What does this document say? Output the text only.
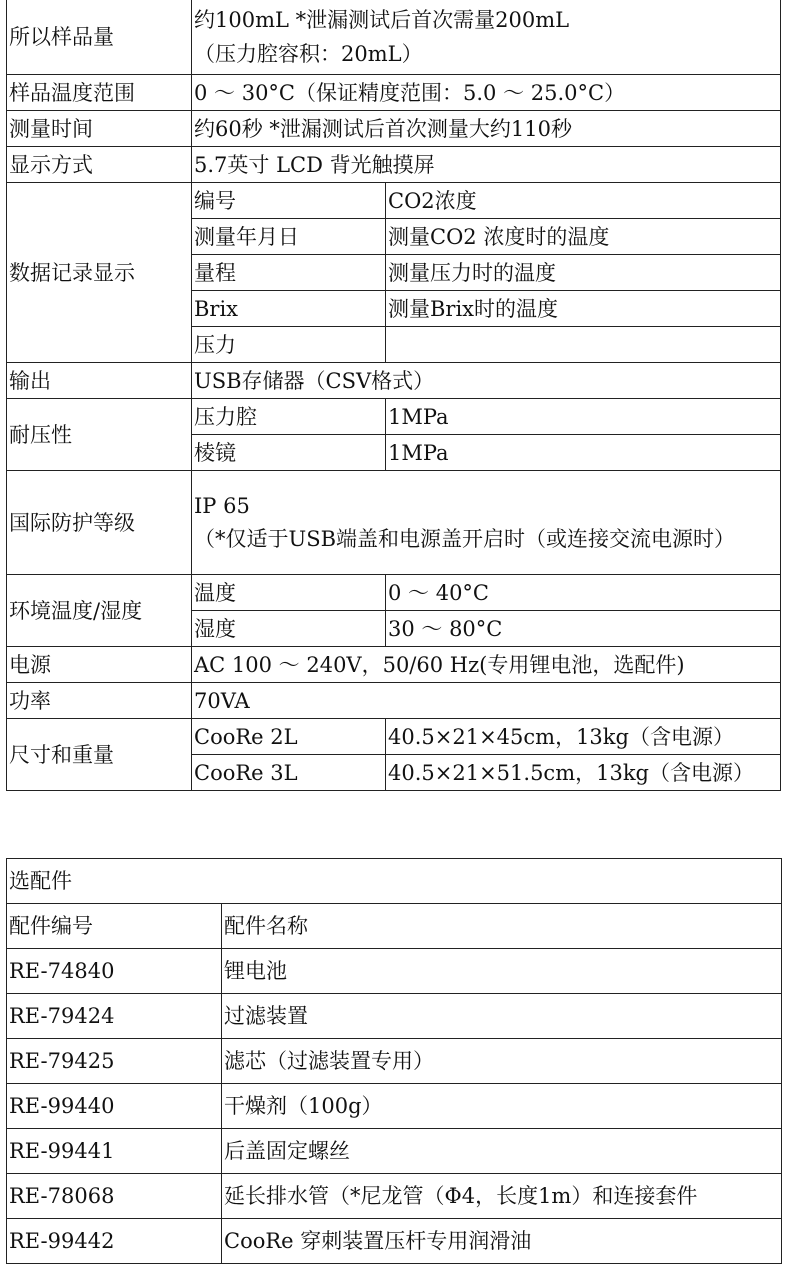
所以样品量	约100mL *泄漏测试后首次需量200mL
（压力腔容积：20mL）	

样品温度范围	0 ～ 30°C（保证精度范围：5.0 ～ 25.0°C）	
测量时间	约60秒 *泄漏测试后首次测量大约110秒	
显示方式	5.7英寸 LCD 背光触摸屏	
数据记录显示	编号	CO2浓度
	测量年月日	测量CO2 浓度时的温度
	量程	测量压力时的温度
	Brix	测量Brix时的温度
	压力	
输出	USB存储器（CSV格式）	
耐压性	压力腔	1MPa
	棱镜	1MPa
国际防护等级	IP 65
（*仅适于USB端盖和电源盖开启时（或连接交流电源时）	

环境温度/湿度	温度	0 ～ 40°C
	湿度	30 ～ 80°C
电源	AC 100 ～ 240V，50/60 Hz(专用锂电池，选配件)	
功率	70VA	
尺寸和重量	CooRe 2L	40.5×21×45cm，13kg（含电源）
	CooRe 3L	40.5×21×51.5cm，13kg（含电源）
选配件	
配件编号	配件名称
RE-74840	锂电池
RE-79424	过滤装置
RE-79425	滤芯（过滤装置专用）
RE-99440	干燥剂（100g）
RE-99441	后盖固定螺丝
RE-78068	延长排水管（*尼龙管（Φ4，长度1m）和连接套件
RE-99442	CooRe 穿刺装置压杆专用润滑油
